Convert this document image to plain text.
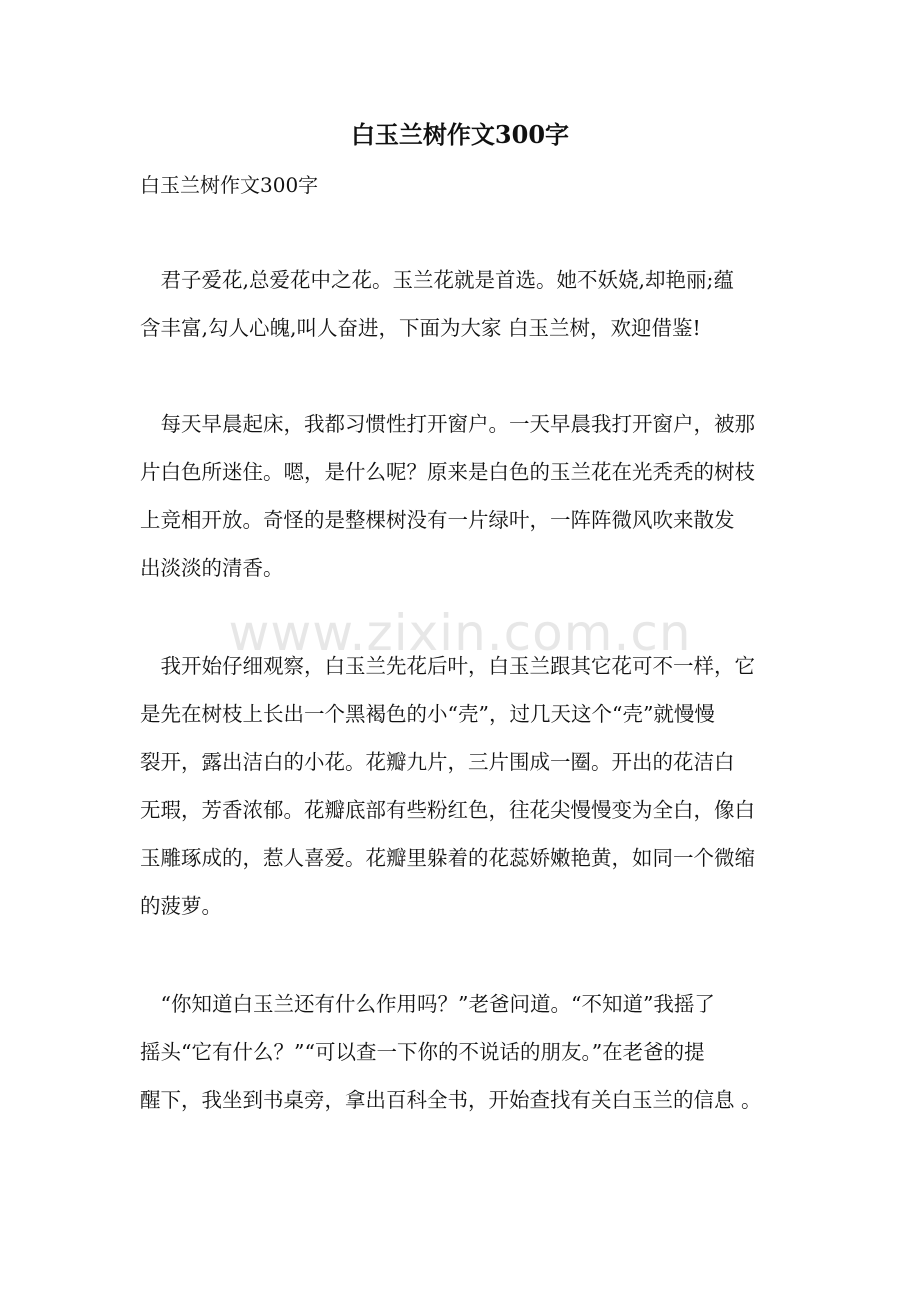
www.zixin.com.cn
白玉兰树作文300字
白玉兰树作文300字
　君子爱花,总爱花中之花。玉兰花就是首选。她不妖娆,却艳丽;蕴
含丰富,勾人心魄,叫人奋进，下面为大家 白玉兰树，欢迎借鉴!
　每天早晨起床，我都习惯性打开窗户。一天早晨我打开窗户，被那
片白色所迷住。嗯，是什么呢？原来是白色的玉兰花在光秃秃的树枝
上竞相开放。奇怪的是整棵树没有一片绿叶，一阵阵微风吹来散发
出淡淡的清香。
　我开始仔细观察，白玉兰先花后叶，白玉兰跟其它花可不一样，它
是先在树枝上长出一个黑褐色的小“壳”，过几天这个“壳”就慢慢
裂开，露出洁白的小花。花瓣九片，三片围成一圈。开出的花洁白
无瑕，芳香浓郁。花瓣底部有些粉红色，往花尖慢慢变为全白，像白
玉雕琢成的，惹人喜爱。花瓣里躲着的花蕊娇嫩艳黄，如同一个微缩
的菠萝。
　“你知道白玉兰还有什么作用吗？”老爸问道。“不知道”我摇了
摇头“它有什么？”“可以查一下你的不说话的朋友。”在老爸的提
醒下，我坐到书桌旁，拿出百科全书，开始查找有关白玉兰的信息 。
